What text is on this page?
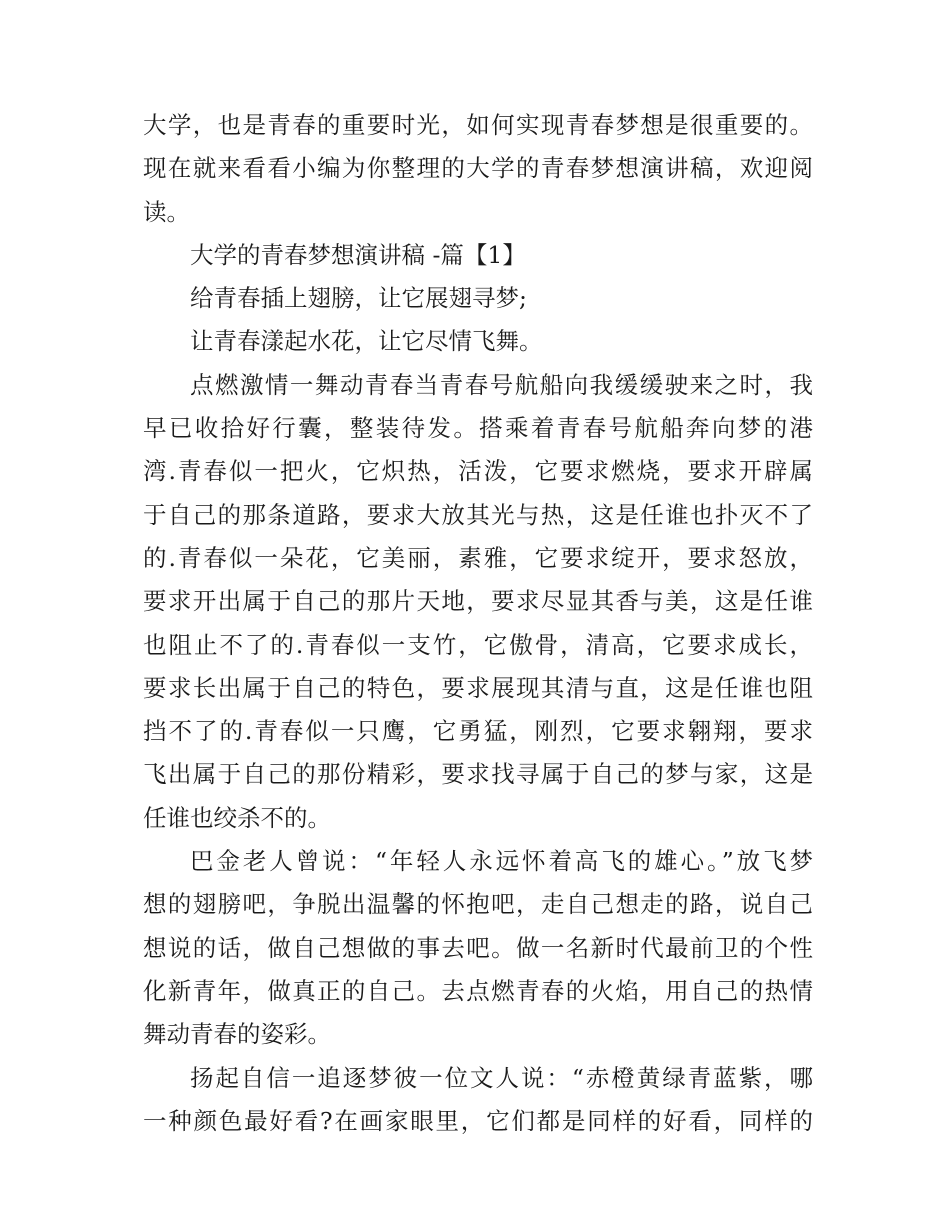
大学，也是青春的重要时光，如何实现青春梦想是很重要的。
现在就来看看小编为你整理的大学的青春梦想演讲稿，欢迎阅
读。
大学的青春梦想演讲稿 -篇【1】
给青春插上翅膀，让它展翅寻梦;
让青春漾起水花，让它尽情飞舞。
点燃激情一舞动青春当青春号航船向我缓缓驶来之时，我
早已收拾好行囊，整装待发。搭乘着青春号航船奔向梦的港
湾.青春似一把火，它炽热，活泼，它要求燃烧，要求开辟属
于自己的那条道路，要求大放其光与热，这是任谁也扑灭不了
的.青春似一朵花，它美丽，素雅，它要求绽开，要求怒放，
要求开出属于自己的那片天地，要求尽显其香与美，这是任谁
也阻止不了的.青春似一支竹，它傲骨，清高，它要求成长，
要求长出属于自己的特色，要求展现其清与直，这是任谁也阻
挡不了的.青春似一只鹰，它勇猛，刚烈，它要求翱翔，要求
飞出属于自己的那份精彩，要求找寻属于自己的梦与家，这是
任谁也绞杀不的。
巴金老人曾说：“年轻人永远怀着高飞的雄心。”放飞梦
想的翅膀吧，争脱出温馨的怀抱吧，走自己想走的路，说自己
想说的话，做自己想做的事去吧。做一名新时代最前卫的个性
化新青年，做真正的自己。去点燃青春的火焰，用自己的热情
舞动青春的姿彩。
扬起自信一追逐梦彼一位文人说：“赤橙黄绿青蓝紫，哪
一种颜色最好看?在画家眼里，它们都是同样的好看，同样的
